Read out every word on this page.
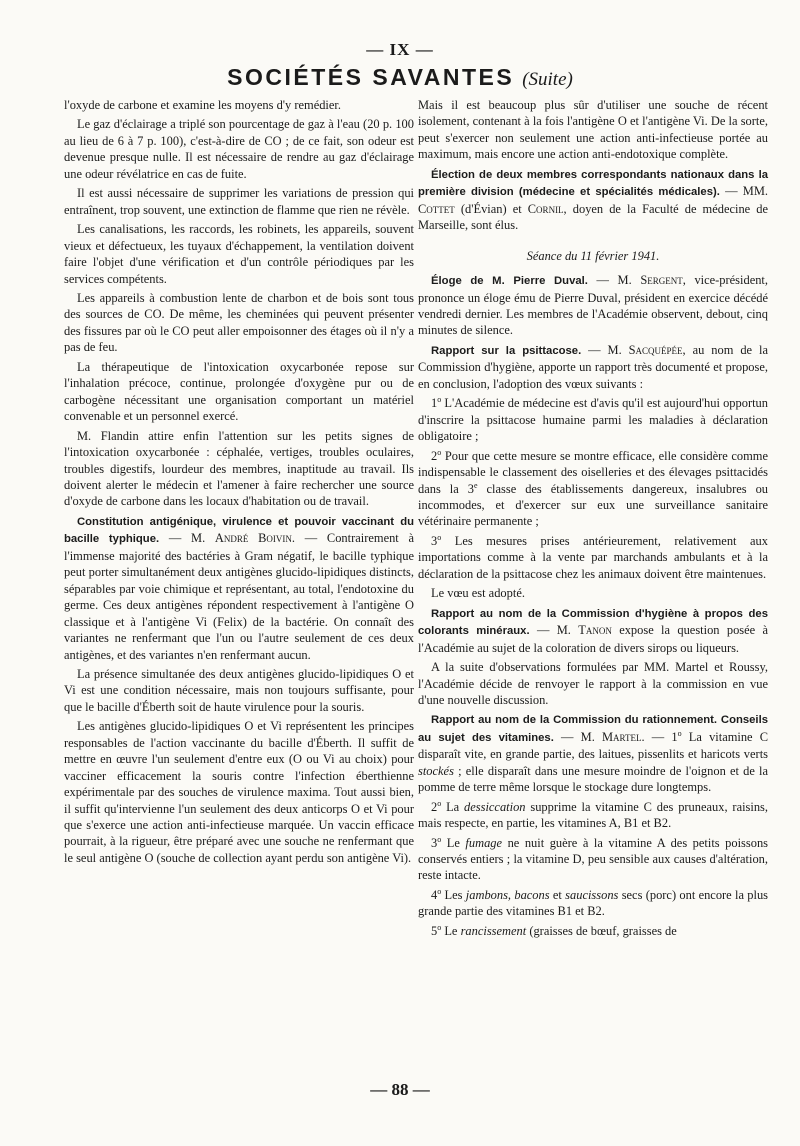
— IX —
SOCIÉTÉS SAVANTES (Suite)

l'oxyde de carbone et examine les moyens d'y remédier.

Le gaz d'éclairage a triplé son pourcentage de gaz à l'eau (20 p. 100 au lieu de 6 à 7 p. 100), c'est-à-dire de CO ; de ce fait, son odeur est devenue presque nulle. Il est nécessaire de rendre au gaz d'éclairage une odeur révélatrice en cas de fuite.

Il est aussi nécessaire de supprimer les variations de pression qui entraînent, trop souvent, une extinction de flamme que rien ne révèle.

Les canalisations, les raccords, les robinets, les appareils, souvent vieux et défectueux, les tuyaux d'échappement, la ventilation doivent faire l'objet d'une vérification et d'un contrôle périodiques par les services compétents.

Les appareils à combustion lente de charbon et de bois sont tous des sources de CO. De même, les cheminées qui peuvent présenter des fissures par où le CO peut aller empoisonner des étages où il n'y a pas de feu.

La thérapeutique de l'intoxication oxycarbonée repose sur l'inhalation précoce, continue, prolongée d'oxygène pur ou de carbogène nécessitant une organisation comportant un matériel convenable et un personnel exercé.

M. Flandin attire enfin l'attention sur les petits signes de l'intoxication oxycarbonée : céphalée, vertiges, troubles oculaires, troubles digestifs, lourdeur des membres, inaptitude au travail. Ils doivent alerter le médecin et l'amener à faire rechercher une source d'oxyde de carbone dans les locaux d'habitation ou de travail.

Constitution antigénique, virulence et pouvoir vaccinant du bacille typhique. — M. André Boivin. — Contrairement à l'immense majorité des bactéries à Gram négatif, le bacille typhique peut porter simultanément deux antigènes glucido-lipidiques distincts, séparables par voie chimique et représentant, au total, l'endotoxine du germe. Ces deux antigènes répondent respectivement à l'antigène O classique et à l'antigène Vi (Felix) de la bactérie. On connaît des variantes ne renfermant que l'un ou l'autre seulement de ces deux antigènes, et des variantes n'en renfermant aucun.

La présence simultanée des deux antigènes glucido-lipidiques O et Vi est une condition nécessaire, mais non toujours suffisante, pour que le bacille d'Éberth soit de haute virulence pour la souris.

Les antigènes glucido-lipidiques O et Vi représentent les principes responsables de l'action vaccinante du bacille d'Éberth. Il suffit de mettre en œuvre l'un seulement d'entre eux (O ou Vi au choix) pour vacciner efficacement la souris contre l'infection éberthienne expérimentale par des souches de virulence maxima. Tout aussi bien, il suffit qu'intervienne l'un seulement des deux anticorps O et Vi pour que s'exerce une action anti-infectieuse marquée. Un vaccin efficace pourrait, à la rigueur, être préparé avec une souche ne renfermant que le seul antigène O (souche de collection ayant perdu son antigène Vi).

Mais il est beaucoup plus sûr d'utiliser une souche de récent isolement, contenant à la fois l'antigène O et l'antigène Vi. De la sorte, peut s'exercer non seulement une action anti-infectieuse portée au maximum, mais encore une action anti-endotoxique complète.

Élection de deux membres correspondants nationaux dans la première division (médecine et spécialités médicales). — MM. Cottet (d'Évian) et Cornil, doyen de la Faculté de médecine de Marseille, sont élus.

Séance du 11 février 1941.

Éloge de M. Pierre Duval. — M. Sergent, vice-président, prononce un éloge ému de Pierre Duval, président en exercice décédé vendredi dernier. Les membres de l'Académie observent, debout, cinq minutes de silence.

Rapport sur la psittacose. — M. Sacquépée, au nom de la Commission d'hygiène, apporte un rapport très documenté et propose, en conclusion, l'adoption des vœux suivants :

1$^o$ L'Académie de médecine est d'avis qu'il est aujourd'hui opportun d'inscrire la psittacose humaine parmi les maladies à déclaration obligatoire ;

2$^o$ Pour que cette mesure se montre efficace, elle considère comme indispensable le classement des oiselleries et des élevages psittacidés dans la 3e classe des établissements dangereux, insalubres ou incommodes, et d'exercer sur eux une surveillance sanitaire vétérinaire permanente ;

3$^o$ Les mesures prises antérieurement, relativement aux importations comme à la vente par marchands ambulants et à la déclaration de la psittacose chez les animaux doivent être maintenues.

Le vœu est adopté.

Rapport au nom de la Commission d'hygiène à propos des colorants minéraux. — M. Tanon expose la question posée à l'Académie au sujet de la coloration de divers sirops ou liqueurs.

A la suite d'observations formulées par MM. Martel et Roussy, l'Académie décide de renvoyer le rapport à la commission en vue d'une nouvelle discussion.

Rapport au nom de la Commission du rationnement. Conseils au sujet des vitamines. — M. Martel. — 1$^o$ La vitamine C disparaît vite, en grande partie, des laitues, pissenlits et haricots verts stockés ; elle disparaît dans une mesure moindre de l'oignon et de la pomme de terre même lorsque le stockage dure longtemps.

2$^o$ La dessiccation supprime la vitamine C des pruneaux, raisins, mais respecte, en partie, les vitamines A, B1 et B2.

3$^o$ Le fumage ne nuit guère à la vitamine A des petits poissons conservés entiers ; la vitamine D, peu sensible aux causes d'altération, reste intacte.

4$^o$ Les jambons, bacons et saucissons secs (porc) ont encore la plus grande partie des vitamines B1 et B2.

5$^o$ Le rancissement (graisses de bœuf, graisses de

— 88 —
